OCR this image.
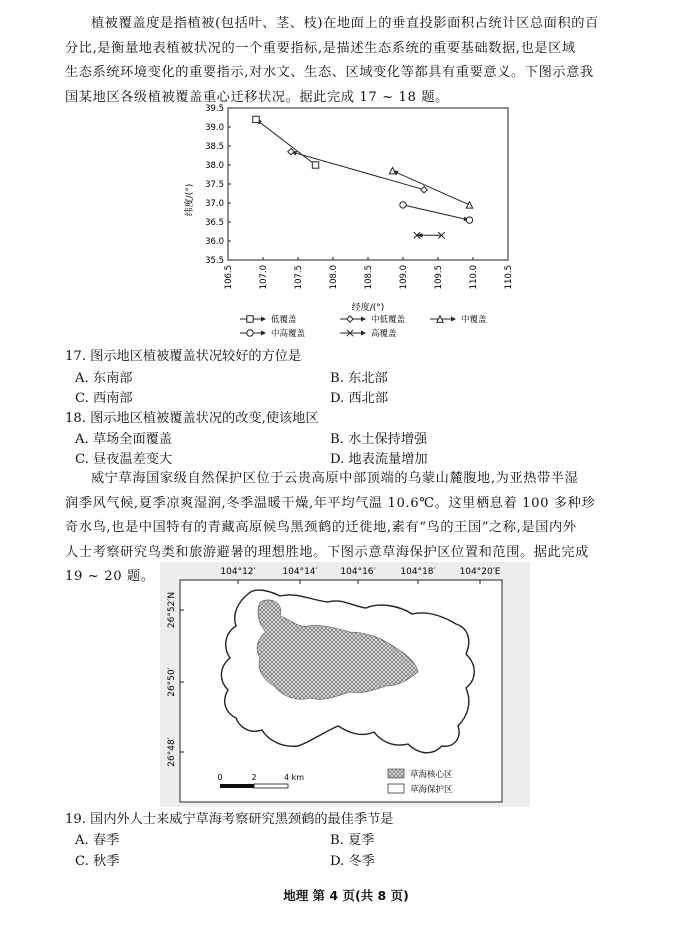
植被覆盖度是指植被(包括叶、茎、枝)在地面上的垂直投影面积占统计区总面积的百
分比,是衡量地表植被状况的一个重要指标,是描述生态系统的重要基础数据,也是区域
生态系统环境变化的重要指示,对水文、生态、区域变化等都具有重要意义。下图示意我
国某地区各级植被覆盖重心迁移状况。据此完成 17 ~ 18 题。
39.5
39.0
38.5
38.0
37.5
37.0
36.5
36.0
35.5
106.5	107.0	107.5	108.0	108.5	109.0	109.5	110.0	110.5
纬度/(°)
经度/(°)
低覆盖	中低覆盖	中覆盖
中高覆盖	高覆盖
17. 图示地区植被覆盖状况较好的方位是
A. 东南部	B. 东北部
C. 西南部	D. 西北部
18. 图示地区植被覆盖状况的改变,使该地区
A. 草场全面覆盖	B. 水土保持增强
C. 昼夜温差变大	D. 地表流量增加
威宁草海国家级自然保护区位于云贵高原中部顶端的乌蒙山麓腹地,为亚热带半湿
润季风气候,夏季凉爽湿润,冬季温暖干燥,年平均气温 10.6℃。这里栖息着 100 多种珍
奇水鸟,也是中国特有的青藏高原候鸟黑颈鹤的迁徙地,素有“鸟的王国”之称,是国内外
人士考察研究鸟类和旅游避暑的理想胜地。下图示意草海保护区位置和范围。据此完成
19 ~ 20 题。	104°12′	104°14′	104°16′	104°18′	104°20′E
26°52′N
26°50′
26°48′
0	2	4 km	草海核心区
草海保护区
19. 国内外人士来威宁草海考察研究黑颈鹤的最佳季节是
A. 春季	B. 夏季
C. 秋季	D. 冬季
地理 第 4 页(共 8 页)
